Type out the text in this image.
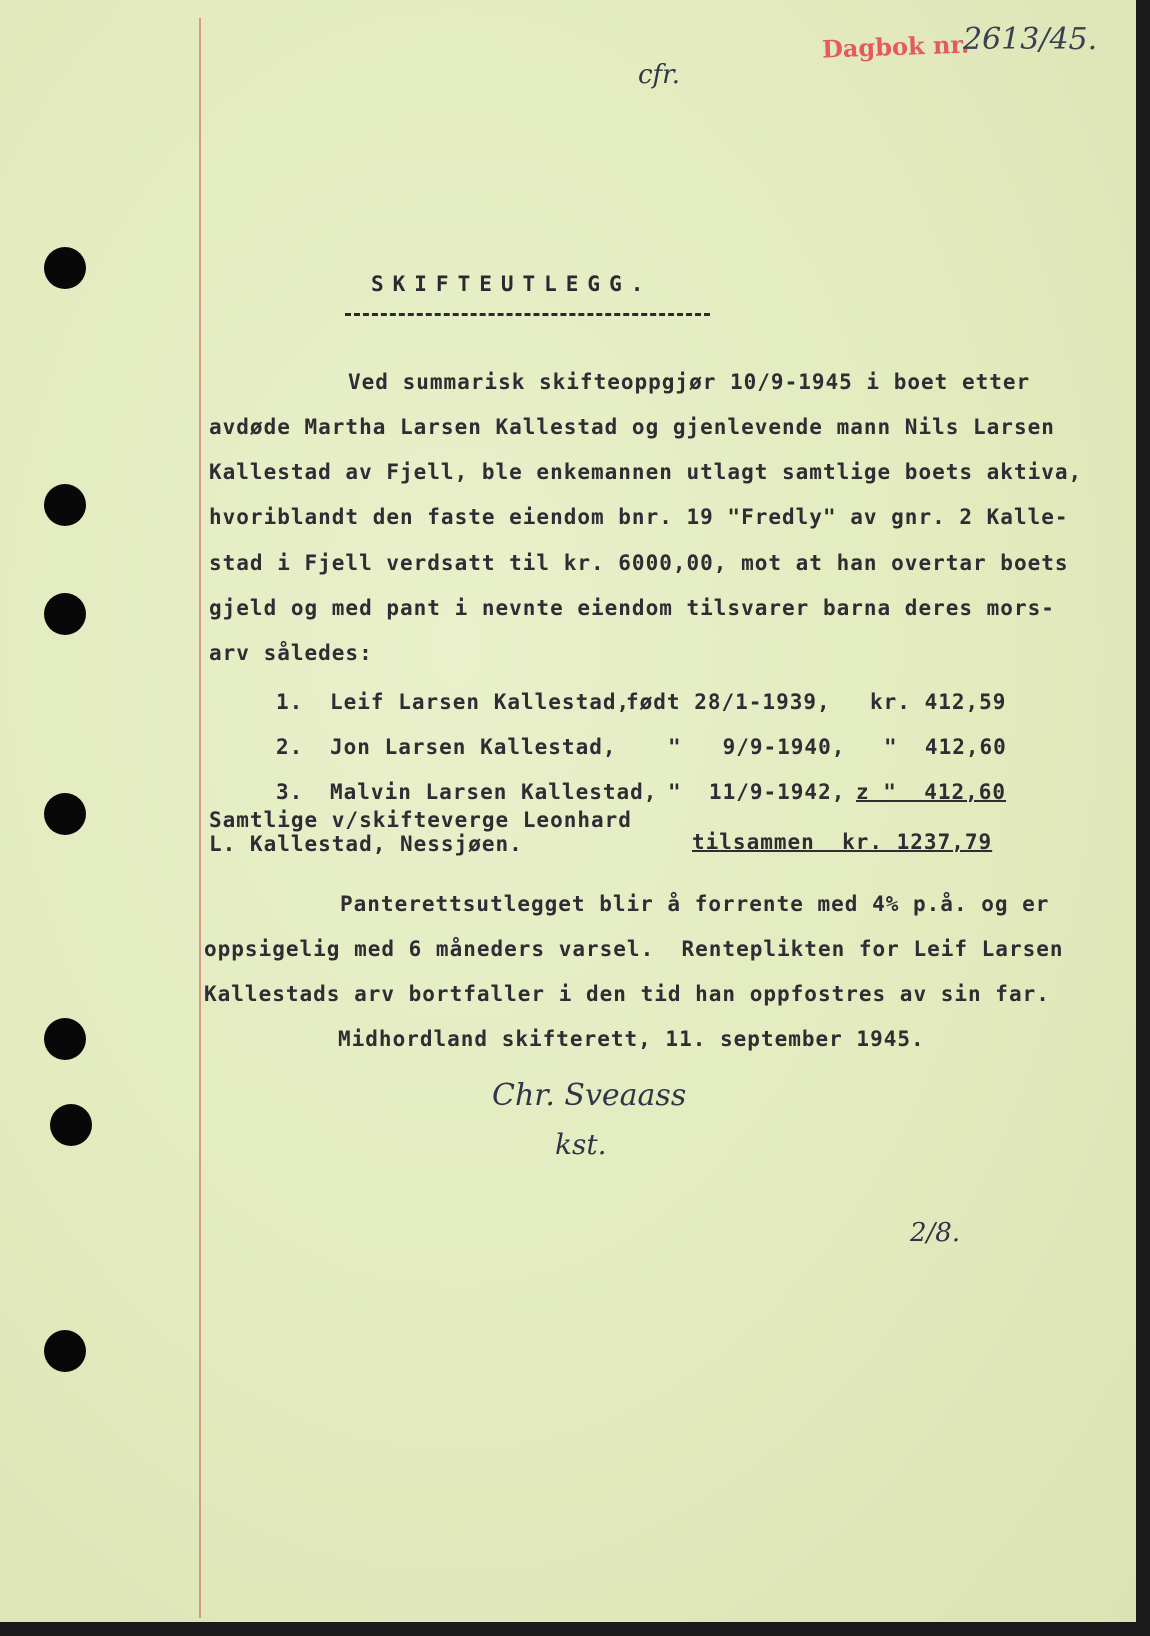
Dagbok nr.
2613/45.
cfr.
SKIFTEUTLEGG.
Ved summarisk skifteoppgjør 10/9-1945 i boet etter
avdøde Martha Larsen Kallestad og gjenlevende mann Nils Larsen
Kallestad av Fjell, ble enkemannen utlagt samtlige boets aktiva,
hvoriblandt den faste eiendom bnr. 19 "Fredly" av gnr. 2 Kalle-
stad i Fjell verdsatt til kr. 6000,00, mot at han overtar boets
gjeld og med pant i nevnte eiendom tilsvarer barna deres mors-
arv således:
1. Leif Larsen Kallestad,
født 28/1-1939, kr. 412,59
2. Jon Larsen Kallestad, "   9/9-1940, "  412,60
3. Malvin Larsen Kallestad, "  11/9-1942, z "  412,60
Samtlige v/skifteverge Leonhard
L. Kallestad, Nessjøen.	tilsammen  kr. 1237,79
Panterettsutlegget blir å forrente med 4% p.å. og er
oppsigelig med 6 måneders varsel.  Renteplikten for Leif Larsen
Kallestads arv bortfaller i den tid han oppfostres av sin far.
Midhordland skifterett, 11. september 1945.
Chr. Sveaass
kst.
2/8.
